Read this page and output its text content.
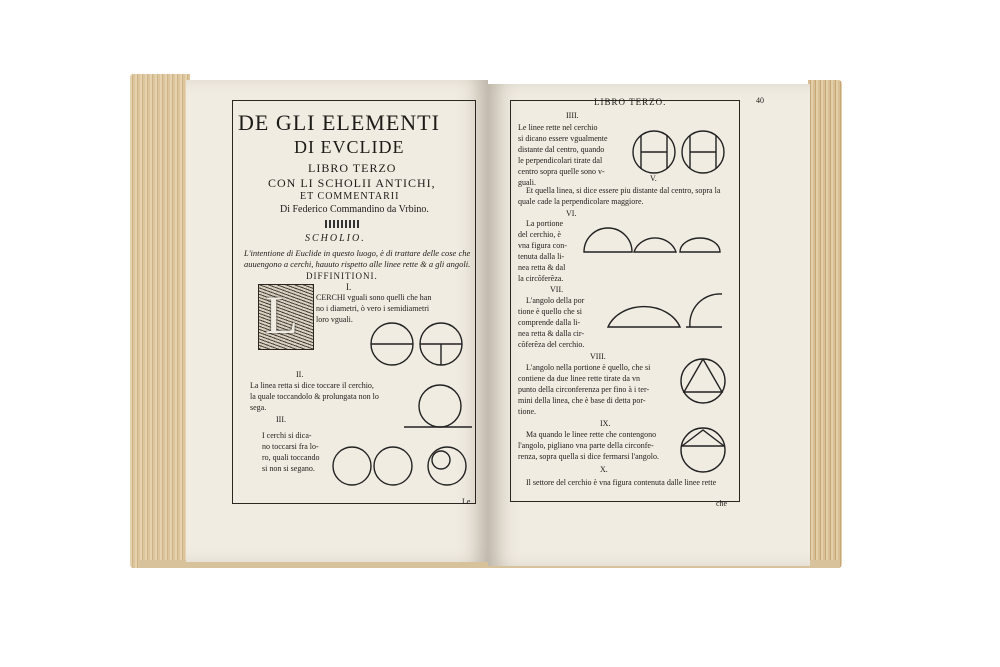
DE GLI ELEMENTI
DI EVCLIDE
LIBRO TERZO
CON LI SCHOLII ANTICHI,
ET COMMENTARII
Di Federico Commandino da Vrbino.
SCHOLIO.
L'intentione di Euclide in questo luogo, è di trattare delle cose che
auuengono a cerchi, hauuto rispetto alle linee rette & a gli angoli.
DIFFINITIONI.
I.
L CERCHI vguali sono quelli che han
no i diametri, ò vero i semidiametri
loro vguali.
II.
La linea retta si dice toccare il cerchio,
la quale toccandolo & prolungata non lo
sega.
III.
I cerchi si dica-
no toccarsi fra lo-
ro, quali toccando
si non si segano.
Le
LIBRO TERZO.	40
IIII.
Le linee rette nel cerchio
si dicano essere vgualmente
distante dal centro, quando
le perpendicolari tirate dal
centro sopra quelle sono v-
guali.	V.
Et quella linea, si dice essere piu distante dal centro, sopra la
quale cade la perpendicolare maggiore.
VI.
La portione
del cerchio, è
vna figura con-
tenuta dalla li-
nea retta & dal
la circõferẽza.
VII.
L'angolo della por
tione è quello che si
comprende dalla li-
nea retta & dalla cir-
cõferẽza del cerchio.
VIII.
L'angolo nella portione è quello, che si
contiene da due linee rette tirate da vn
punto della circonferenza per fino à i ter-
mini della linea, che è base di detta por-
tione.
IX.
Ma quando le linee rette che contengono
l'angolo, pigliano vna parte della circonfe-
renza, sopra quella si dice fermarsi l'angolo.
X.
Il settore del cerchio è vna figura contenuta dalle linee rette
che
